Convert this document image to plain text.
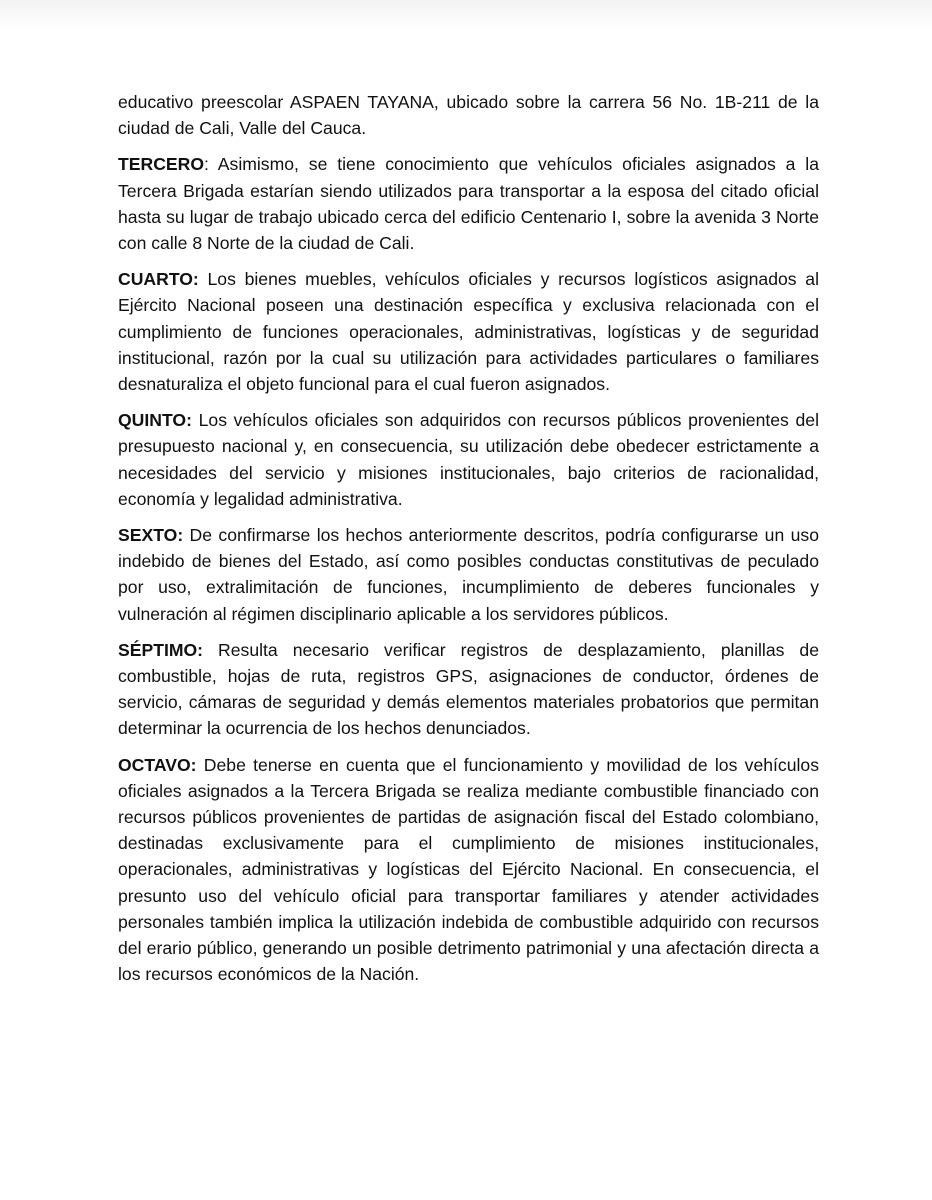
educativo preescolar ASPAEN TAYANA, ubicado sobre la carrera 56 No. 1B-211 de la ciudad de Cali, Valle del Cauca.

TERCERO: Asimismo, se tiene conocimiento que vehículos oficiales asignados a la Tercera Brigada estarían siendo utilizados para transportar a la esposa del citado oficial hasta su lugar de trabajo ubicado cerca del edificio Centenario I, sobre la avenida 3 Norte con calle 8 Norte de la ciudad de Cali.

CUARTO: Los bienes muebles, vehículos oficiales y recursos logísticos asignados al Ejército Nacional poseen una destinación específica y exclusiva relacionada con el cumplimiento de funciones operacionales, administrativas, logísticas y de seguridad institucional, razón por la cual su utilización para actividades particulares o familiares desnaturaliza el objeto funcional para el cual fueron asignados.

QUINTO: Los vehículos oficiales son adquiridos con recursos públicos provenientes del presupuesto nacional y, en consecuencia, su utilización debe obedecer estrictamente a necesidades del servicio y misiones institucionales, bajo criterios de racionalidad, economía y legalidad administrativa.

SEXTO: De confirmarse los hechos anteriormente descritos, podría configurarse un uso indebido de bienes del Estado, así como posibles conductas constitutivas de peculado por uso, extralimitación de funciones, incumplimiento de deberes funcionales y vulneración al régimen disciplinario aplicable a los servidores públicos.

SÉPTIMO: Resulta necesario verificar registros de desplazamiento, planillas de combustible, hojas de ruta, registros GPS, asignaciones de conductor, órdenes de servicio, cámaras de seguridad y demás elementos materiales probatorios que permitan determinar la ocurrencia de los hechos denunciados.

OCTAVO: Debe tenerse en cuenta que el funcionamiento y movilidad de los vehículos oficiales asignados a la Tercera Brigada se realiza mediante combustible financiado con recursos públicos provenientes de partidas de asignación fiscal del Estado colombiano, destinadas exclusivamente para el cumplimiento de misiones institucionales, operacionales, administrativas y logísticas del Ejército Nacional. En consecuencia, el presunto uso del vehículo oficial para transportar familiares y atender actividades personales también implica la utilización indebida de combustible adquirido con recursos del erario público, generando un posible detrimento patrimonial y una afectación directa a los recursos económicos de la Nación.
